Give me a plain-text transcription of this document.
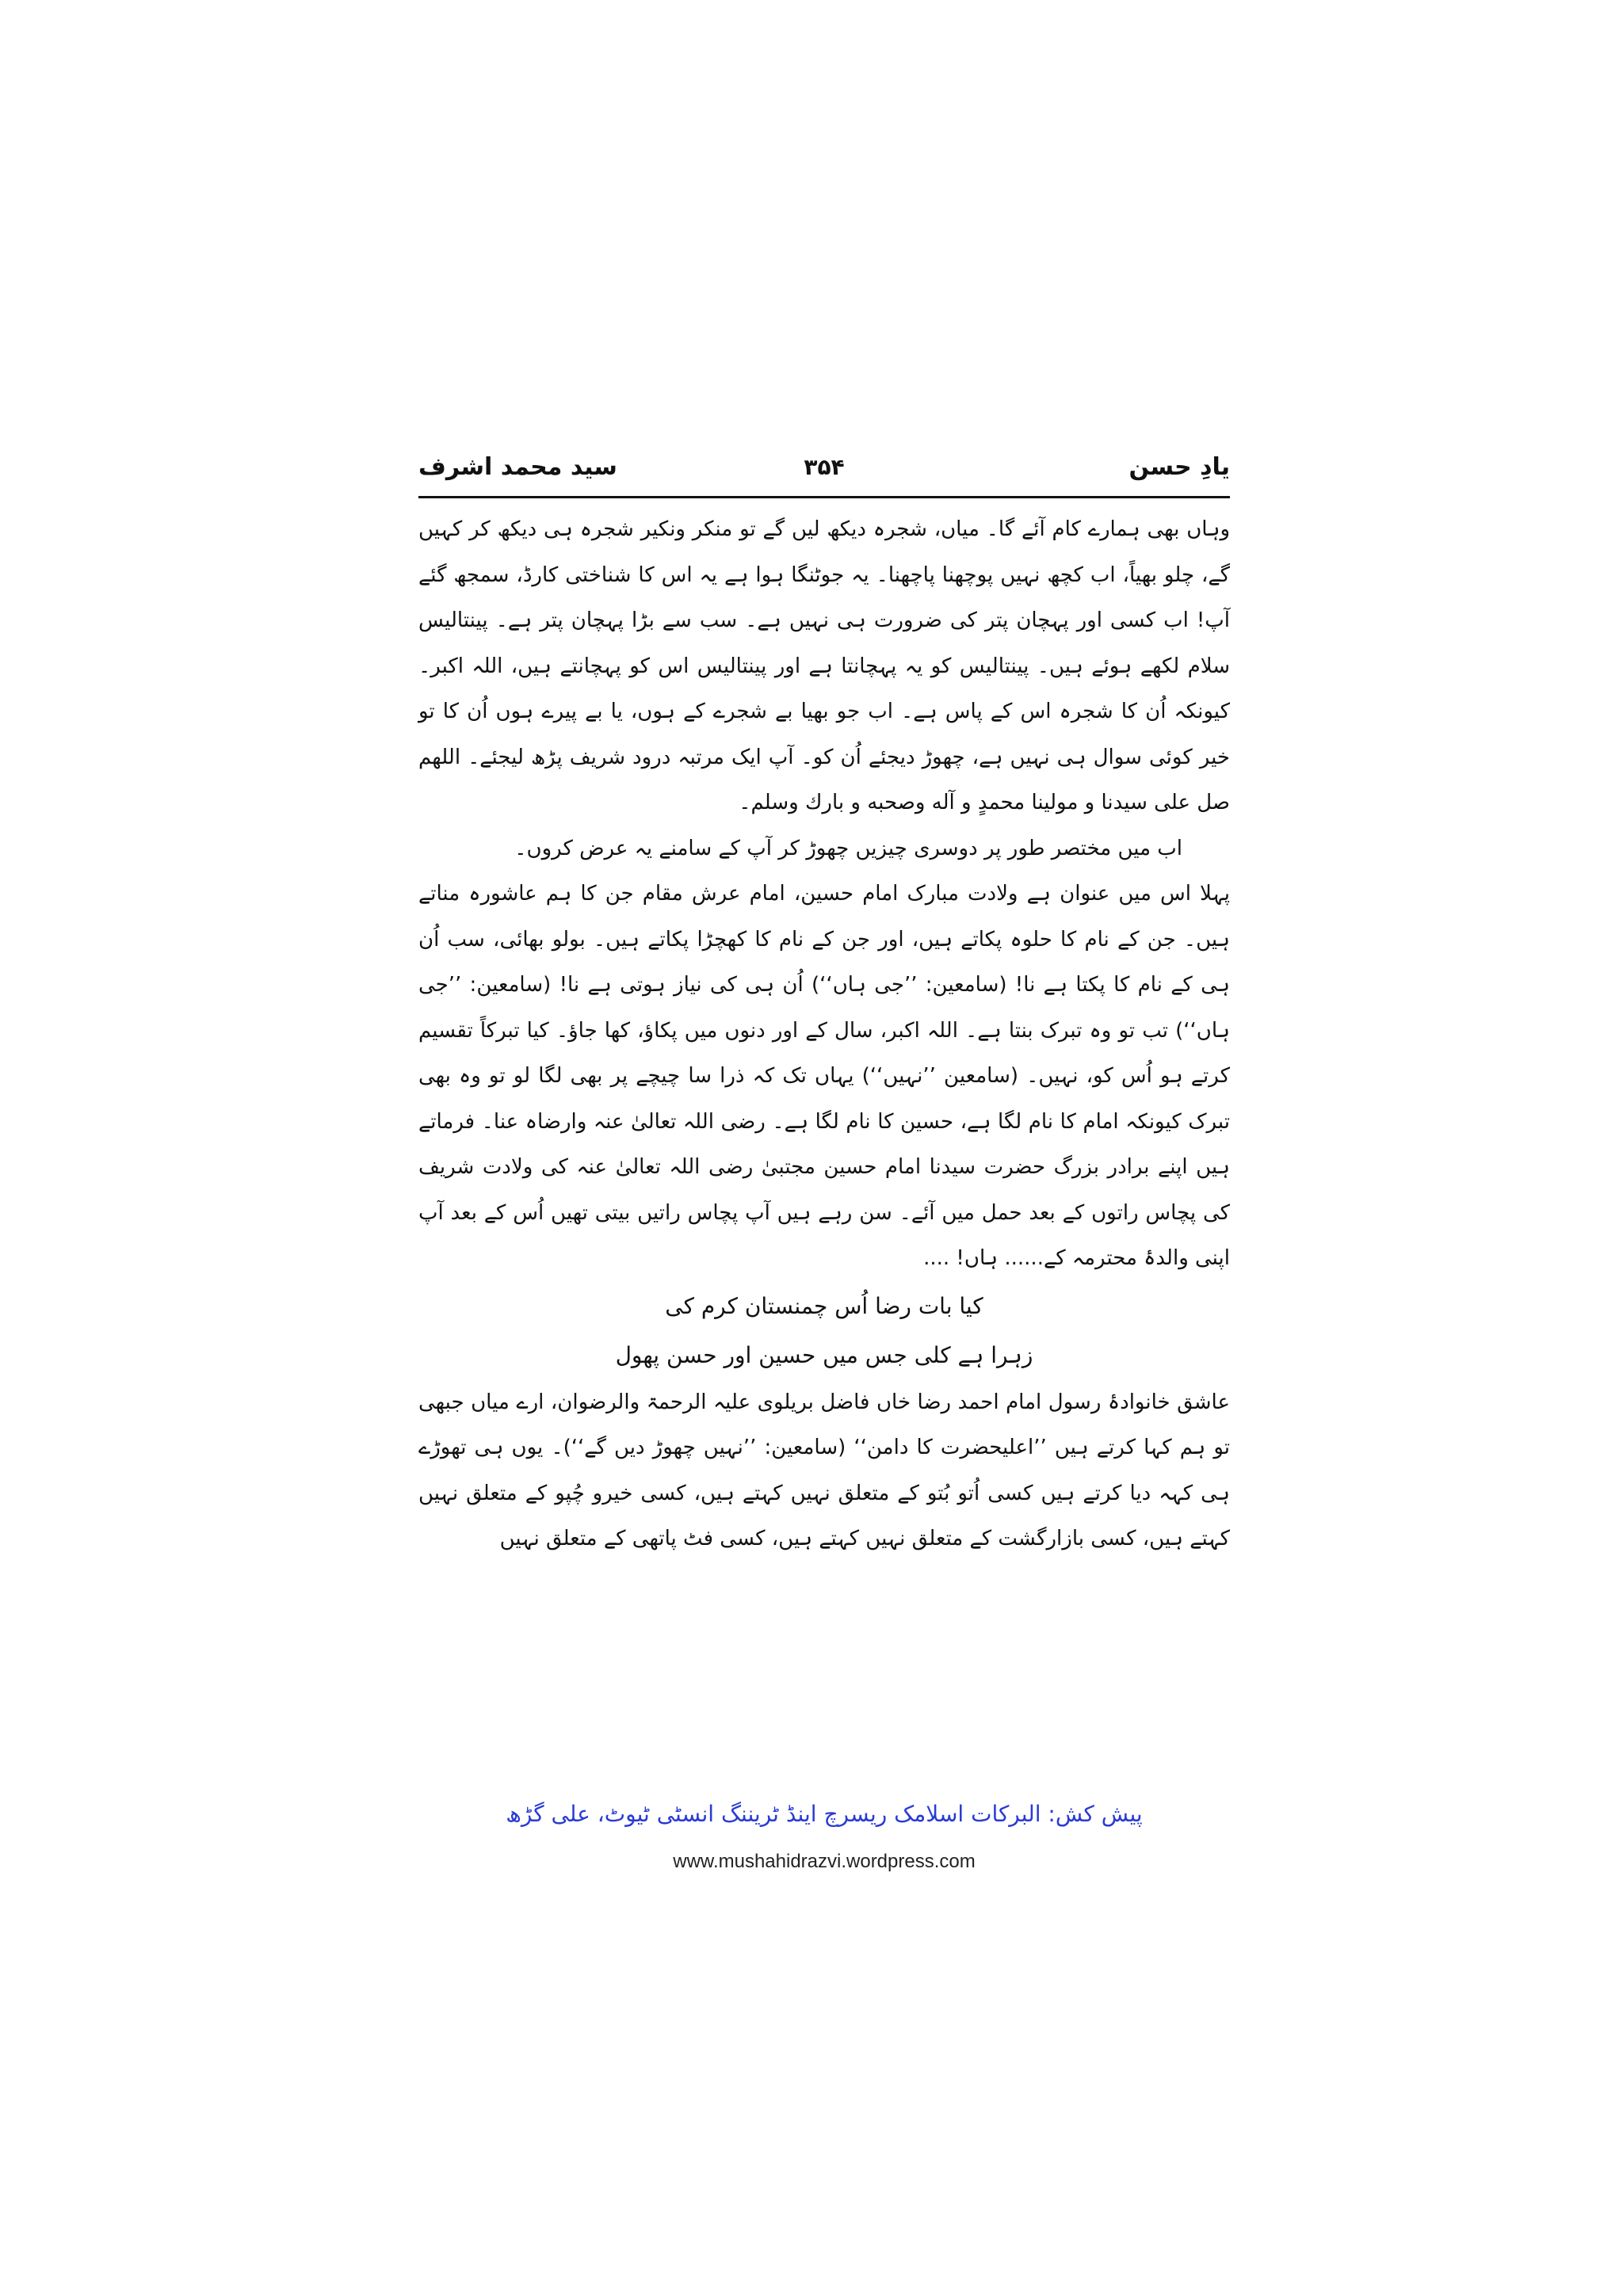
یادِ حسن
۳۵۴
سید محمد اشرف

وہاں بھی ہمارے کام آئے گا۔ میاں، شجرہ دیکھ لیں گے تو منکر ونکیر شجرہ ہی دیکھ کر کہیں گے، چلو بھیاً، اب کچھ نہیں پوچھنا پاچھنا۔ یہ جوٹنگا ہوا ہے یہ اس کا شناختی کارڈ، سمجھ گئے آپ! اب کسی اور پہچان پتر کی ضرورت ہی نہیں ہے۔ سب سے بڑا پہچان پتر ہے۔ پینتالیس سلام لکھے ہوئے ہیں۔ پینتالیس کو یہ پہچانتا ہے اور پینتالیس اس کو پہچانتے ہیں، اللہ اکبر۔ کیونکہ اُن کا شجرہ اس کے پاس ہے۔ اب جو بھیا بے شجرے کے ہوں، یا بے پیرے ہوں اُن کا تو خیر کوئی سوال ہی نہیں ہے، چھوڑ دیجئے اُن کو۔ آپ ایک مرتبہ درود شریف پڑھ لیجئے۔ اللھم صل علی سیدنا و مولینا محمدٍ و آله وصحبه و بارك وسلم۔

اب میں مختصر طور پر دوسری چیزیں چھوڑ کر آپ کے سامنے یہ عرض کروں۔

پہلا اس میں عنوان ہے ولادت مبارک امام حسین، امام عرش مقام جن کا ہم عاشورہ مناتے ہیں۔ جن کے نام کا حلوہ پکاتے ہیں، اور جن کے نام کا کھچڑا پکاتے ہیں۔ بولو بھائی، سب اُن ہی کے نام کا پکتا ہے نا! (سامعین: ’’جی ہاں‘‘) اُن ہی کی نیاز ہوتی ہے نا! (سامعین: ’’جی ہاں‘‘) تب تو وہ تبرک بنتا ہے۔ اللہ اکبر، سال کے اور دنوں میں پکاؤ، کھا جاؤ۔ کیا تبرکاً تقسیم کرتے ہو اُس کو، نہیں۔ (سامعین ’’نہیں‘‘) یہاں تک کہ ذرا سا چیچے پر بھی لگا لو تو وہ بھی تبرک کیونکہ امام کا نام لگا ہے، حسین کا نام لگا ہے۔ رضی اللہ تعالیٰ عنہ وارضاہ عنا۔ فرماتے ہیں اپنے برادر بزرگ حضرت سیدنا امام حسین مجتبیٰ رضی اللہ تعالیٰ عنہ کی ولادت شریف کی پچاس راتوں کے بعد حمل میں آئے۔ سن رہے ہیں آپ پچاس راتیں بیتی تھیں اُس کے بعد آپ اپنی والدۂ محترمہ کے...... ہاں! ....

کیا بات رضا اُس چمنستان کرم کی

زہرا ہے کلی جس میں حسین اور حسن پھول

عاشق خانوادۂ رسول امام احمد رضا خاں فاضل بریلوی علیہ الرحمۃ والرضوان، ارے میاں جبھی تو ہم کہا کرتے ہیں ’’اعلیحضرت کا دامن‘‘ (سامعین: ’’نہیں چھوڑ دیں گے‘‘)۔ یوں ہی تھوڑے ہی کہہ دیا کرتے ہیں کسی اُتو بُتو کے متعلق نہیں کہتے ہیں، کسی خیرو چُپو کے متعلق نہیں کہتے ہیں، کسی بازارگشت کے متعلق نہیں کہتے ہیں، کسی فٹ پاتھی کے متعلق نہیں

پیش کش: البرکات اسلامک ریسرچ اینڈ ٹریننگ انسٹی ٹیوٹ، علی گڑھ
www.mushahidrazvi.wordpress.com
